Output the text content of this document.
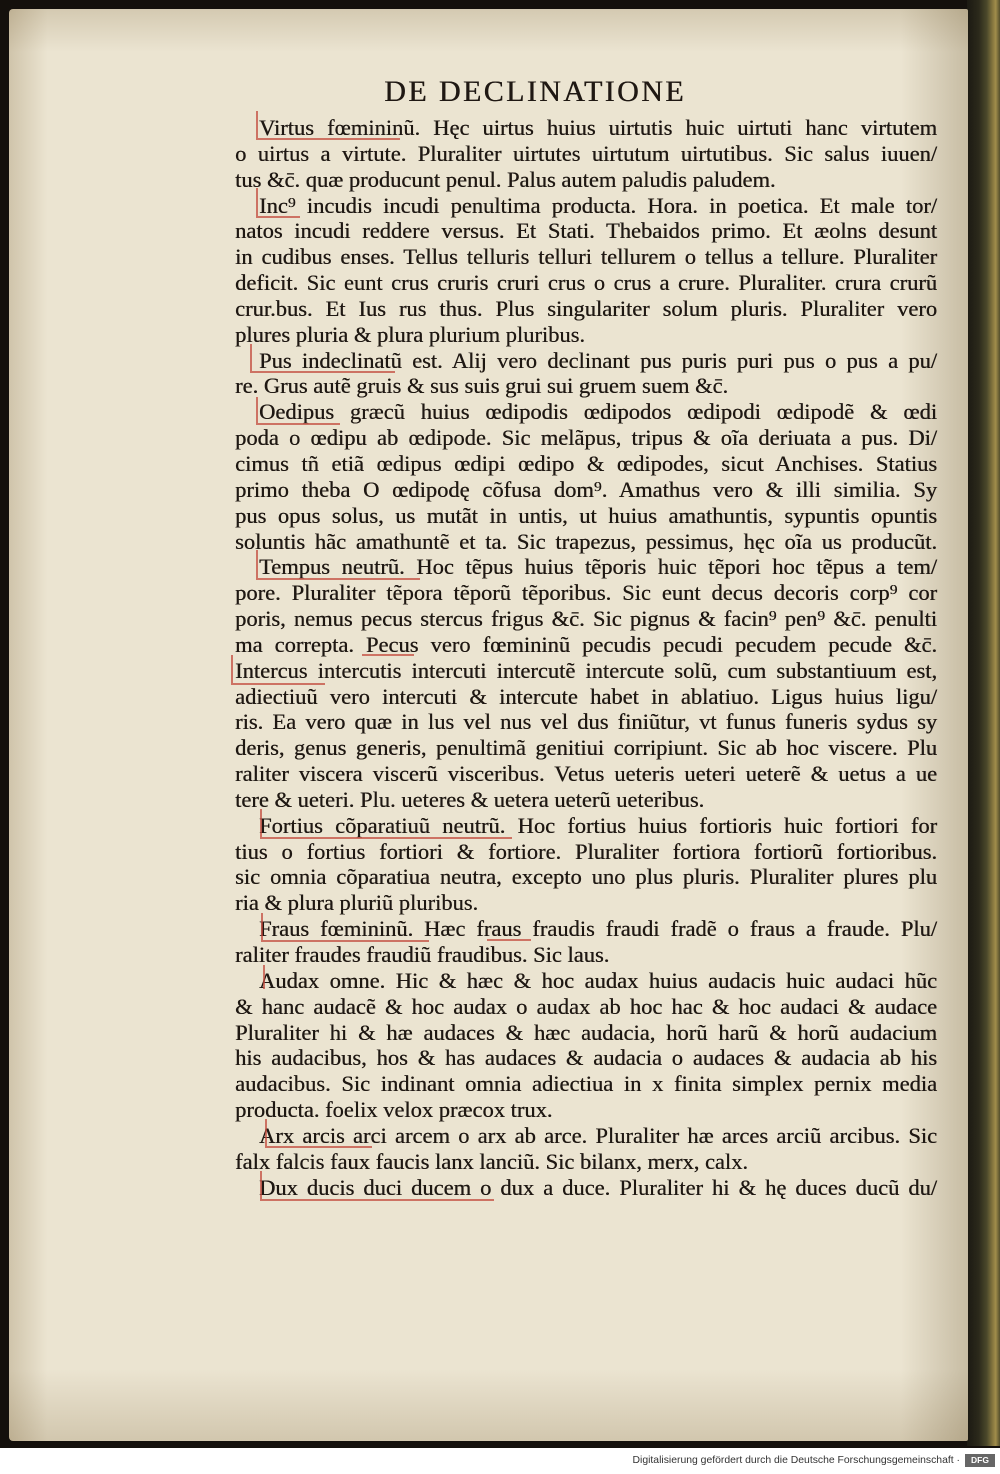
DE DECLINATIONE
Virtus fœmininũ. Hęc uirtus huius uirtutis huic uirtuti hanc virtutem
o uirtus a virtute. Pluraliter uirtutes uirtutum uirtutibus. Sic salus iuuen/
tus &c̄. quæ producunt penul. Palus autem paludis paludem.
Inc⁹ incudis incudi penultima producta. Hora. in poetica. Et male tor/
natos incudi reddere versus. Et Stati. Thebaidos primo. Et æolns desunt
in cudibus enses. Tellus telluris telluri tellurem o tellus a tellure. Pluraliter
deficit. Sic eunt crus cruris cruri crus o crus a crure. Pluraliter. crura crurũ
crur.bus. Et Ius rus thus. Plus singulariter solum pluris. Pluraliter vero
plures pluria & plura plurium pluribus.
Pus indeclinatũ est. Alĳ vero declinant pus puris puri pus o pus a pu/
re. Grus autẽ gruis & sus suis grui sui gruem suem &c̄.
Oedipus græcũ huius œdipodis œdipodos œdipodi œdipodẽ & œdi
poda o œdipu ab œdipode. Sic melãpus, tripus & oĩa deriuata a pus. Di/
cimus tñ etiã œdipus œdipi œdipo & œdipodes, sicut Anchises. Statius
primo theba O œdipodę cõfusa dom⁹. Amathus vero & illi similia. Sy
pus opus solus, us mutãt in untis, ut huius amathuntis, sypuntis opuntis
soluntis hãc amathuntẽ et ta. Sic trapezus, pessimus, hęc oĩa us producũt.
Tempus neutrũ. Hoc tẽpus huius tẽporis huic tẽpori hoc tẽpus a tem/
pore. Pluraliter tẽpora tẽporũ tẽporibus. Sic eunt decus decoris corp⁹ cor
poris, nemus pecus stercus frigus &c̄. Sic pignus & facin⁹ pen⁹ &c̄. penulti
ma correpta. Pecus vero fœmininũ pecudis pecudi pecudem pecude &c̄.
Intercus intercutis intercuti intercutẽ intercute solũ, cum substantiuum est,
adiectiuũ vero intercuti & intercute habet in ablatiuo. Ligus huius ligu/
ris. Ea vero quæ in lus vel nus vel dus finiũtur, vt funus funeris sydus sy
deris, genus generis, penultimã genitiui corripiunt. Sic ab hoc viscere. Plu
raliter viscera viscerũ visceribus. Vetus ueteris ueteri ueterẽ & uetus a ue
tere & ueteri. Plu. ueteres & uetera ueterũ ueteribus.
Fortius cõparatiuũ neutrũ. Hoc fortius huius fortioris huic fortiori for
tius o fortius fortiori & fortiore. Pluraliter fortiora fortiorũ fortioribus.
sic omnia cõparatiua neutra, excepto uno plus pluris. Pluraliter plures plu
ria & plura pluriũ pluribus.
Fraus fœmininũ. Hæc fraus fraudis fraudi fradẽ o fraus a fraude. Plu/
raliter fraudes fraudiũ fraudibus. Sic laus.
Audax omne. Hic & hæc & hoc audax huius audacis huic audaci hũc
& hanc audacẽ & hoc audax o audax ab hoc hac & hoc audaci & audace
Pluraliter hi & hæ audaces & hæc audacia, horũ harũ & horũ audacium
his audacibus, hos & has audaces & audacia o audaces & audacia ab his
audacibus. Sic indinant omnia adiectiua in x finita simplex pernix media
producta. foelix velox præcox trux.
Arx arcis arci arcem o arx ab arce. Pluraliter hæ arces arciũ arcibus. Sic
falx falcis faux faucis lanx lanciũ. Sic bilanx, merx, calx.
Dux ducis duci ducem o dux a duce. Pluraliter hi & hę duces ducũ du/
Digitalisierung gefördert durch die Deutsche Forschungsgemeinschaft ·	DFG
